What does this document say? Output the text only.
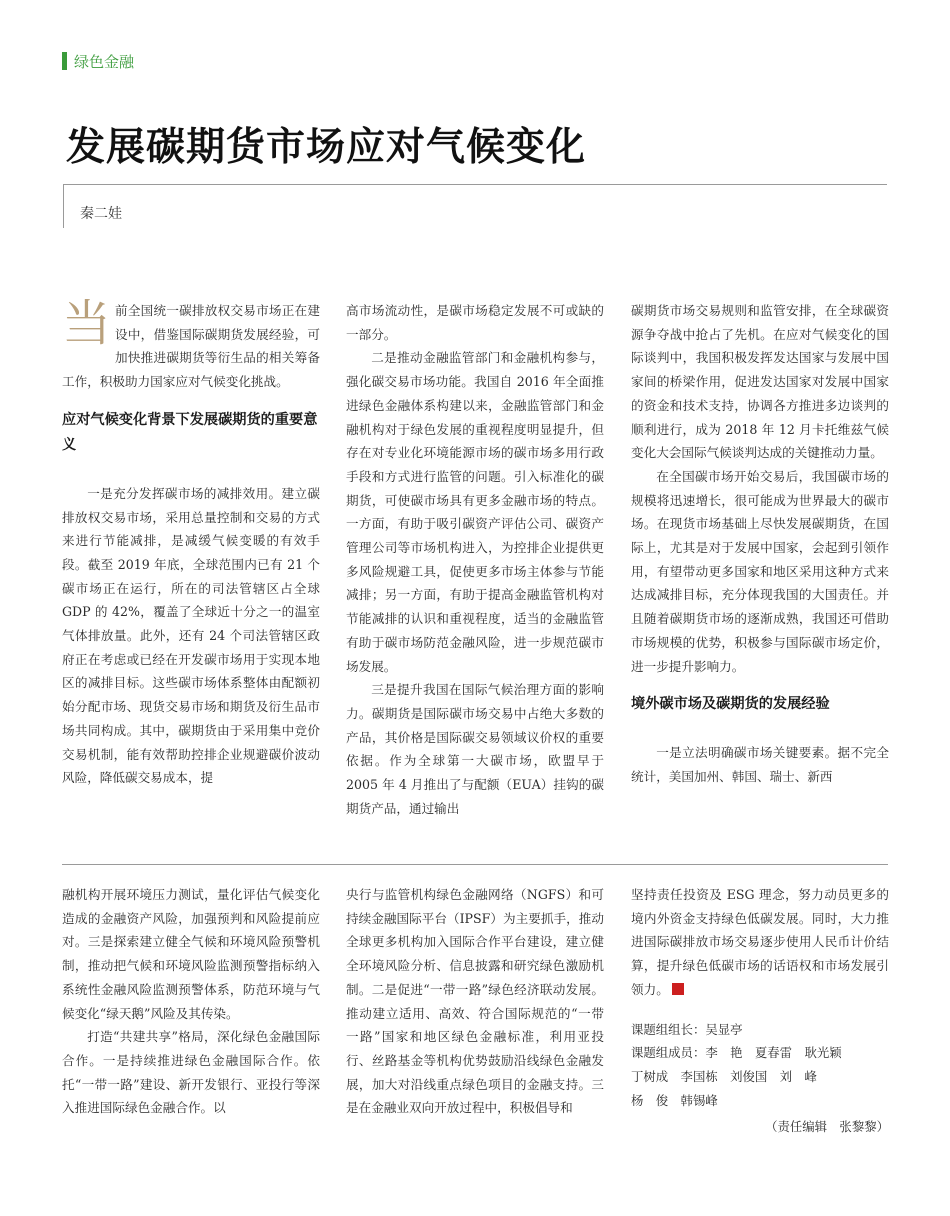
绿色金融
发展碳期货市场应对气候变化
秦二娃

当前全国统一碳排放权交易市场正在建设中，借鉴国际碳期货发展经验，可加快推进碳期货等衍生品的相关筹备工作，积极助力国家应对气候变化挑战。

应对气候变化背景下发展碳期货的重要意义

一是充分发挥碳市场的减排效用。建立碳排放权交易市场，采用总量控制和交易的方式来进行节能减排，是减缓气候变暖的有效手段。截至 2019 年底，全球范围内已有 21 个碳市场正在运行，所在的司法管辖区占全球 GDP 的 42%，覆盖了全球近十分之一的温室气体排放量。此外，还有 24 个司法管辖区政府正在考虑或已经在开发碳市场用于实现本地区的减排目标。这些碳市场体系整体由配额初始分配市场、现货交易市场和期货及衍生品市场共同构成。其中，碳期货由于采用集中竞价交易机制，能有效帮助控排企业规避碳价波动风险，降低碳交易成本，提

高市场流动性，是碳市场稳定发展不可或缺的一部分。

二是推动金融监管部门和金融机构参与，强化碳交易市场功能。我国自 2016 年全面推进绿色金融体系构建以来，金融监管部门和金融机构对于绿色发展的重视程度明显提升，但存在对专业化环境能源市场的碳市场多用行政手段和方式进行监管的问题。引入标准化的碳期货，可使碳市场具有更多金融市场的特点。一方面，有助于吸引碳资产评估公司、碳资产管理公司等市场机构进入，为控排企业提供更多风险规避工具，促使更多市场主体参与节能减排；另一方面，有助于提高金融监管机构对节能减排的认识和重视程度，适当的金融监管有助于碳市场防范金融风险，进一步规范碳市场发展。

三是提升我国在国际气候治理方面的影响力。碳期货是国际碳市场交易中占绝大多数的产品，其价格是国际碳交易领域议价权的重要依据。作为全球第一大碳市场，欧盟早于 2005 年 4 月推出了与配额（EUA）挂钩的碳期货产品，通过输出

碳期货市场交易规则和监管安排，在全球碳资源争夺战中抢占了先机。在应对气候变化的国际谈判中，我国积极发挥发达国家与发展中国家间的桥梁作用，促进发达国家对发展中国家的资金和技术支持，协调各方推进多边谈判的顺利进行，成为 2018 年 12 月卡托维兹气候变化大会国际气候谈判达成的关键推动力量。

在全国碳市场开始交易后，我国碳市场的规模将迅速增长，很可能成为世界最大的碳市场。在现货市场基础上尽快发展碳期货，在国际上，尤其是对于发展中国家，会起到引领作用，有望带动更多国家和地区采用这种方式来达成减排目标，充分体现我国的大国责任。并且随着碳期货市场的逐渐成熟，我国还可借助市场规模的优势，积极参与国际碳市场定价，进一步提升影响力。

境外碳市场及碳期货的发展经验

一是立法明确碳市场关键要素。据不完全统计，美国加州、韩国、瑞士、新西

融机构开展环境压力测试，量化评估气候变化造成的金融资产风险，加强预判和风险提前应对。三是探索建立健全气候和环境风险预警机制，推动把气候和环境风险监测预警指标纳入系统性金融风险监测预警体系，防范环境与气候变化“绿天鹅”风险及其传染。

打造“共建共享”格局，深化绿色金融国际合作。一是持续推进绿色金融国际合作。依托“一带一路”建设、新开发银行、亚投行等深入推进国际绿色金融合作。以

央行与监管机构绿色金融网络（NGFS）和可持续金融国际平台（IPSF）为主要抓手，推动全球更多机构加入国际合作平台建设，建立健全环境风险分析、信息披露和研究绿色激励机制。二是促进“一带一路”绿色经济联动发展。推动建立适用、高效、符合国际规范的“一带一路”国家和地区绿色金融标准，利用亚投行、丝路基金等机构优势鼓励沿线绿色金融发展，加大对沿线重点绿色项目的金融支持。三是在金融业双向开放过程中，积极倡导和

坚持责任投资及 ESG 理念，努力动员更多的境内外资金支持绿色低碳发展。同时，大力推进国际碳排放市场交易逐步使用人民币计价结算，提升绿色低碳市场的话语权和市场发展引领力。

课题组组长：吴显亭
课题组成员：李　艳　夏春雷　耿光颖
丁树成　李国栋　刘俊国　刘　峰
杨　俊　韩锡峰
（责任编辑　张黎黎）
